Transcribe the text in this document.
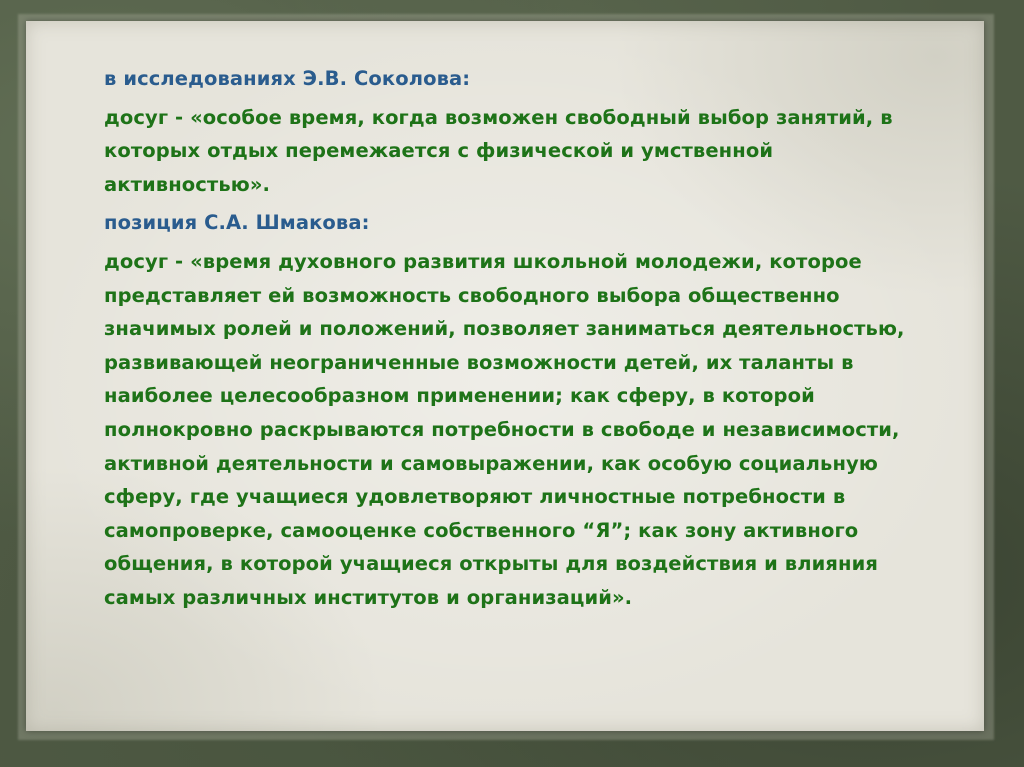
в исследованиях Э.В. Соколова:
досуг - «особое время, когда возможен свободный выбор занятий, в которых отдых перемежается с физической и умственной активностью».
позиция С.А. Шмакова:
досуг - «время духовного развития школьной молодежи, которое представляет ей возможность свободного выбора общественно значимых ролей и положений, позволяет заниматься деятельностью, развивающей неограниченные возможности детей, их таланты в наиболее целесообразном применении; как сферу, в которой полнокровно раскрываются потребности в свободе и независимости, активной деятельности и самовыражении, как особую социальную сферу, где учащиеся удовлетворяют личностные потребности в самопроверке, самооценке собственного “Я”; как зону активного общения, в которой учащиеся открыты для воздействия и влияния самых различных институтов и организаций».
